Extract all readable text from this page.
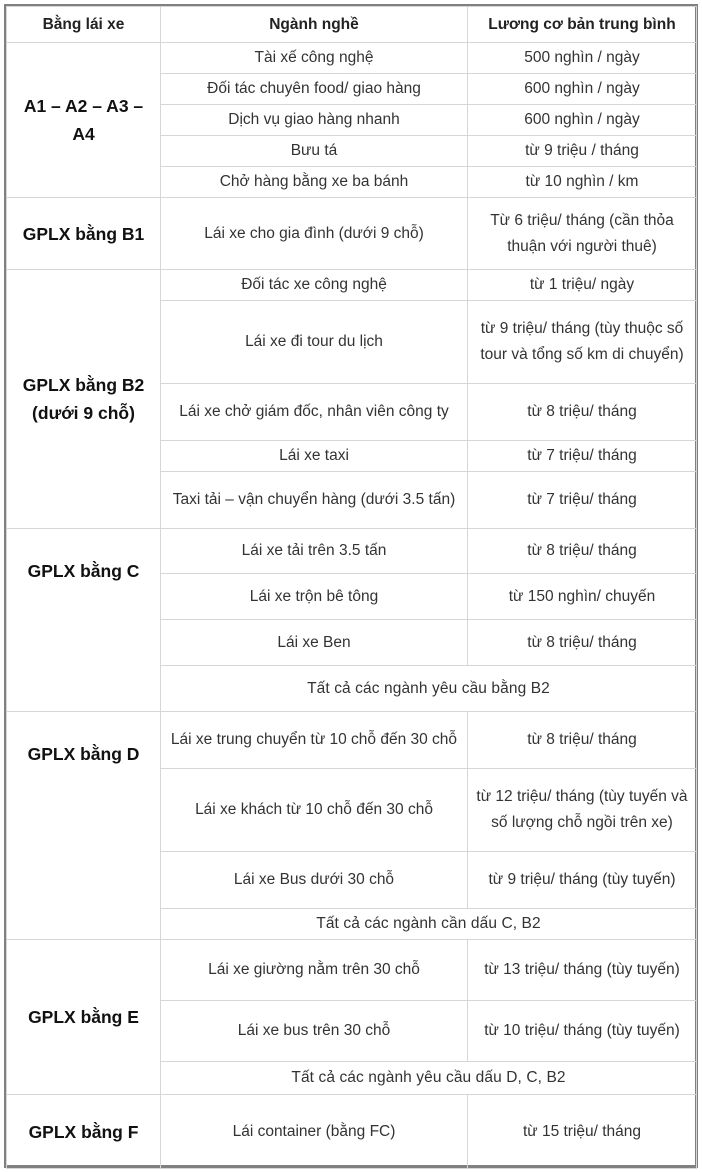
Bằng lái xe	Ngành nghề	Lương cơ bản trung bình
A1 – A2 – A3 – A4	Tài xế công nghệ	500 nghìn / ngày
	Đối tác chuyên food/ giao hàng	600 nghìn / ngày
	Dịch vụ giao hàng nhanh	600 nghìn / ngày
	Bưu tá	từ 9 triệu / tháng
	Chở hàng bằng xe ba bánh	từ 10 nghìn / km
GPLX bằng B1	Lái xe cho gia đình (dưới 9 chỗ)	Từ 6 triệu/ tháng (cần thỏa thuận với người thuê)
GPLX bằng B2 (dưới 9 chỗ)	Đối tác xe công nghệ	từ 1 triệu/ ngày
	Lái xe đi tour du lịch	từ 9 triệu/ tháng (tùy thuộc số tour và tổng số km di chuyển)
	Lái xe chở giám đốc, nhân viên công ty	từ 8 triệu/ tháng
	Lái xe taxi	từ 7 triệu/ tháng
	Taxi tải – vận chuyển hàng (dưới 3.5 tấn)	từ 7 triệu/ tháng
GPLX bằng C	Lái xe tải trên 3.5 tấn	từ 8 triệu/ tháng
	Lái xe trộn bê tông	từ 150 nghìn/ chuyến
	Lái xe Ben	từ 8 triệu/ tháng
	Tất cả các ngành yêu cầu bằng B2	
GPLX bằng D	Lái xe trung chuyển từ 10 chỗ đến 30 chỗ	từ 8 triệu/ tháng
	Lái xe khách từ 10 chỗ đến 30 chỗ	từ 12 triệu/ tháng (tùy tuyến và số lượng chỗ ngồi trên xe)
	Lái xe Bus dưới 30 chỗ	từ 9 triệu/ tháng (tùy tuyến)
	Tất cả các ngành cần dấu C, B2	
GPLX bằng E	Lái xe giường nằm trên 30 chỗ	từ 13 triệu/ tháng (tùy tuyến)
	Lái xe bus trên 30 chỗ	từ 10 triệu/ tháng (tùy tuyến)
	Tất cả các ngành yêu cầu dấu D, C, B2	
GPLX bằng F	Lái container (bằng FC)	từ 15 triệu/ tháng
